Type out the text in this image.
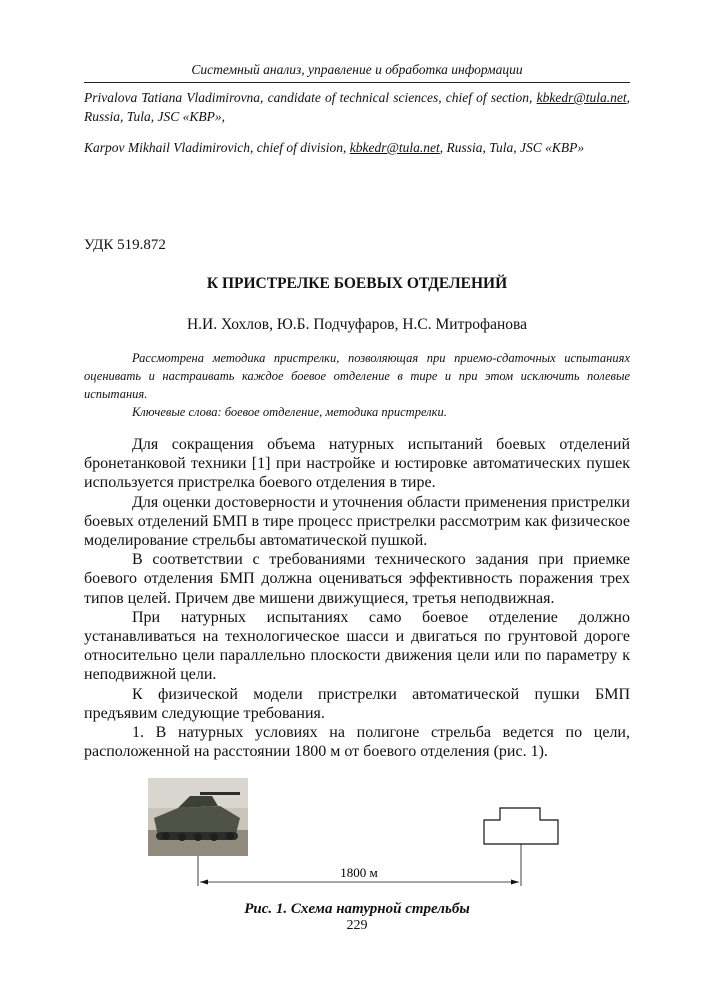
Системный анализ, управление и обработка информации
Privalova Tatiana Vladimirovna, candidate of technical sciences, chief of section, kbkedr@tula.net, Russia, Tula, JSC «KBP»,
Karpov Mikhail Vladimirovich, chief of division, kbkedr@tula.net, Russia, Tula, JSC «KBP»
УДК 519.872
К ПРИСТРЕЛКЕ БОЕВЫХ ОТДЕЛЕНИЙ
Н.И. Хохлов, Ю.Б. Подчуфаров, Н.С. Митрофанова

Рассмотрена методика пристрелки, позволяющая при приемо-сдаточных испытаниях оценивать и настраивать каждое боевое отделение в тире и при этом исключить полевые испытания.

Ключевые слова: боевое отделение, методика пристрелки.

Для сокращения объема натурных испытаний боевых отделений бронетанковой техники [1] при настройке и юстировке автоматических пушек используется пристрелка боевого отделения в тире.

Для оценки достоверности и уточнения области применения пристрелки боевых отделений БМП в тире процесс пристрелки рассмотрим как физическое моделирование стрельбы автоматической пушкой.

В соответствии с требованиями технического задания при приемке боевого отделения БМП должна оцениваться эффективность поражения трех типов целей. Причем две мишени движущиеся, третья неподвижная.

При натурных испытаниях само боевое отделение должно устанавливаться на технологическое шасси и двигаться по грунтовой дороге относительно цели параллельно плоскости движения цели или по параметру к неподвижной цели.

К физической модели пристрелки автоматической пушки БМП предъявим следующие требования.

1. В натурных условиях на полигоне стрельба ведется по цели, расположенной на расстоянии 1800 м от боевого отделения (рис. 1).

1800 м
Рис. 1. Схема натурной стрельбы
229
